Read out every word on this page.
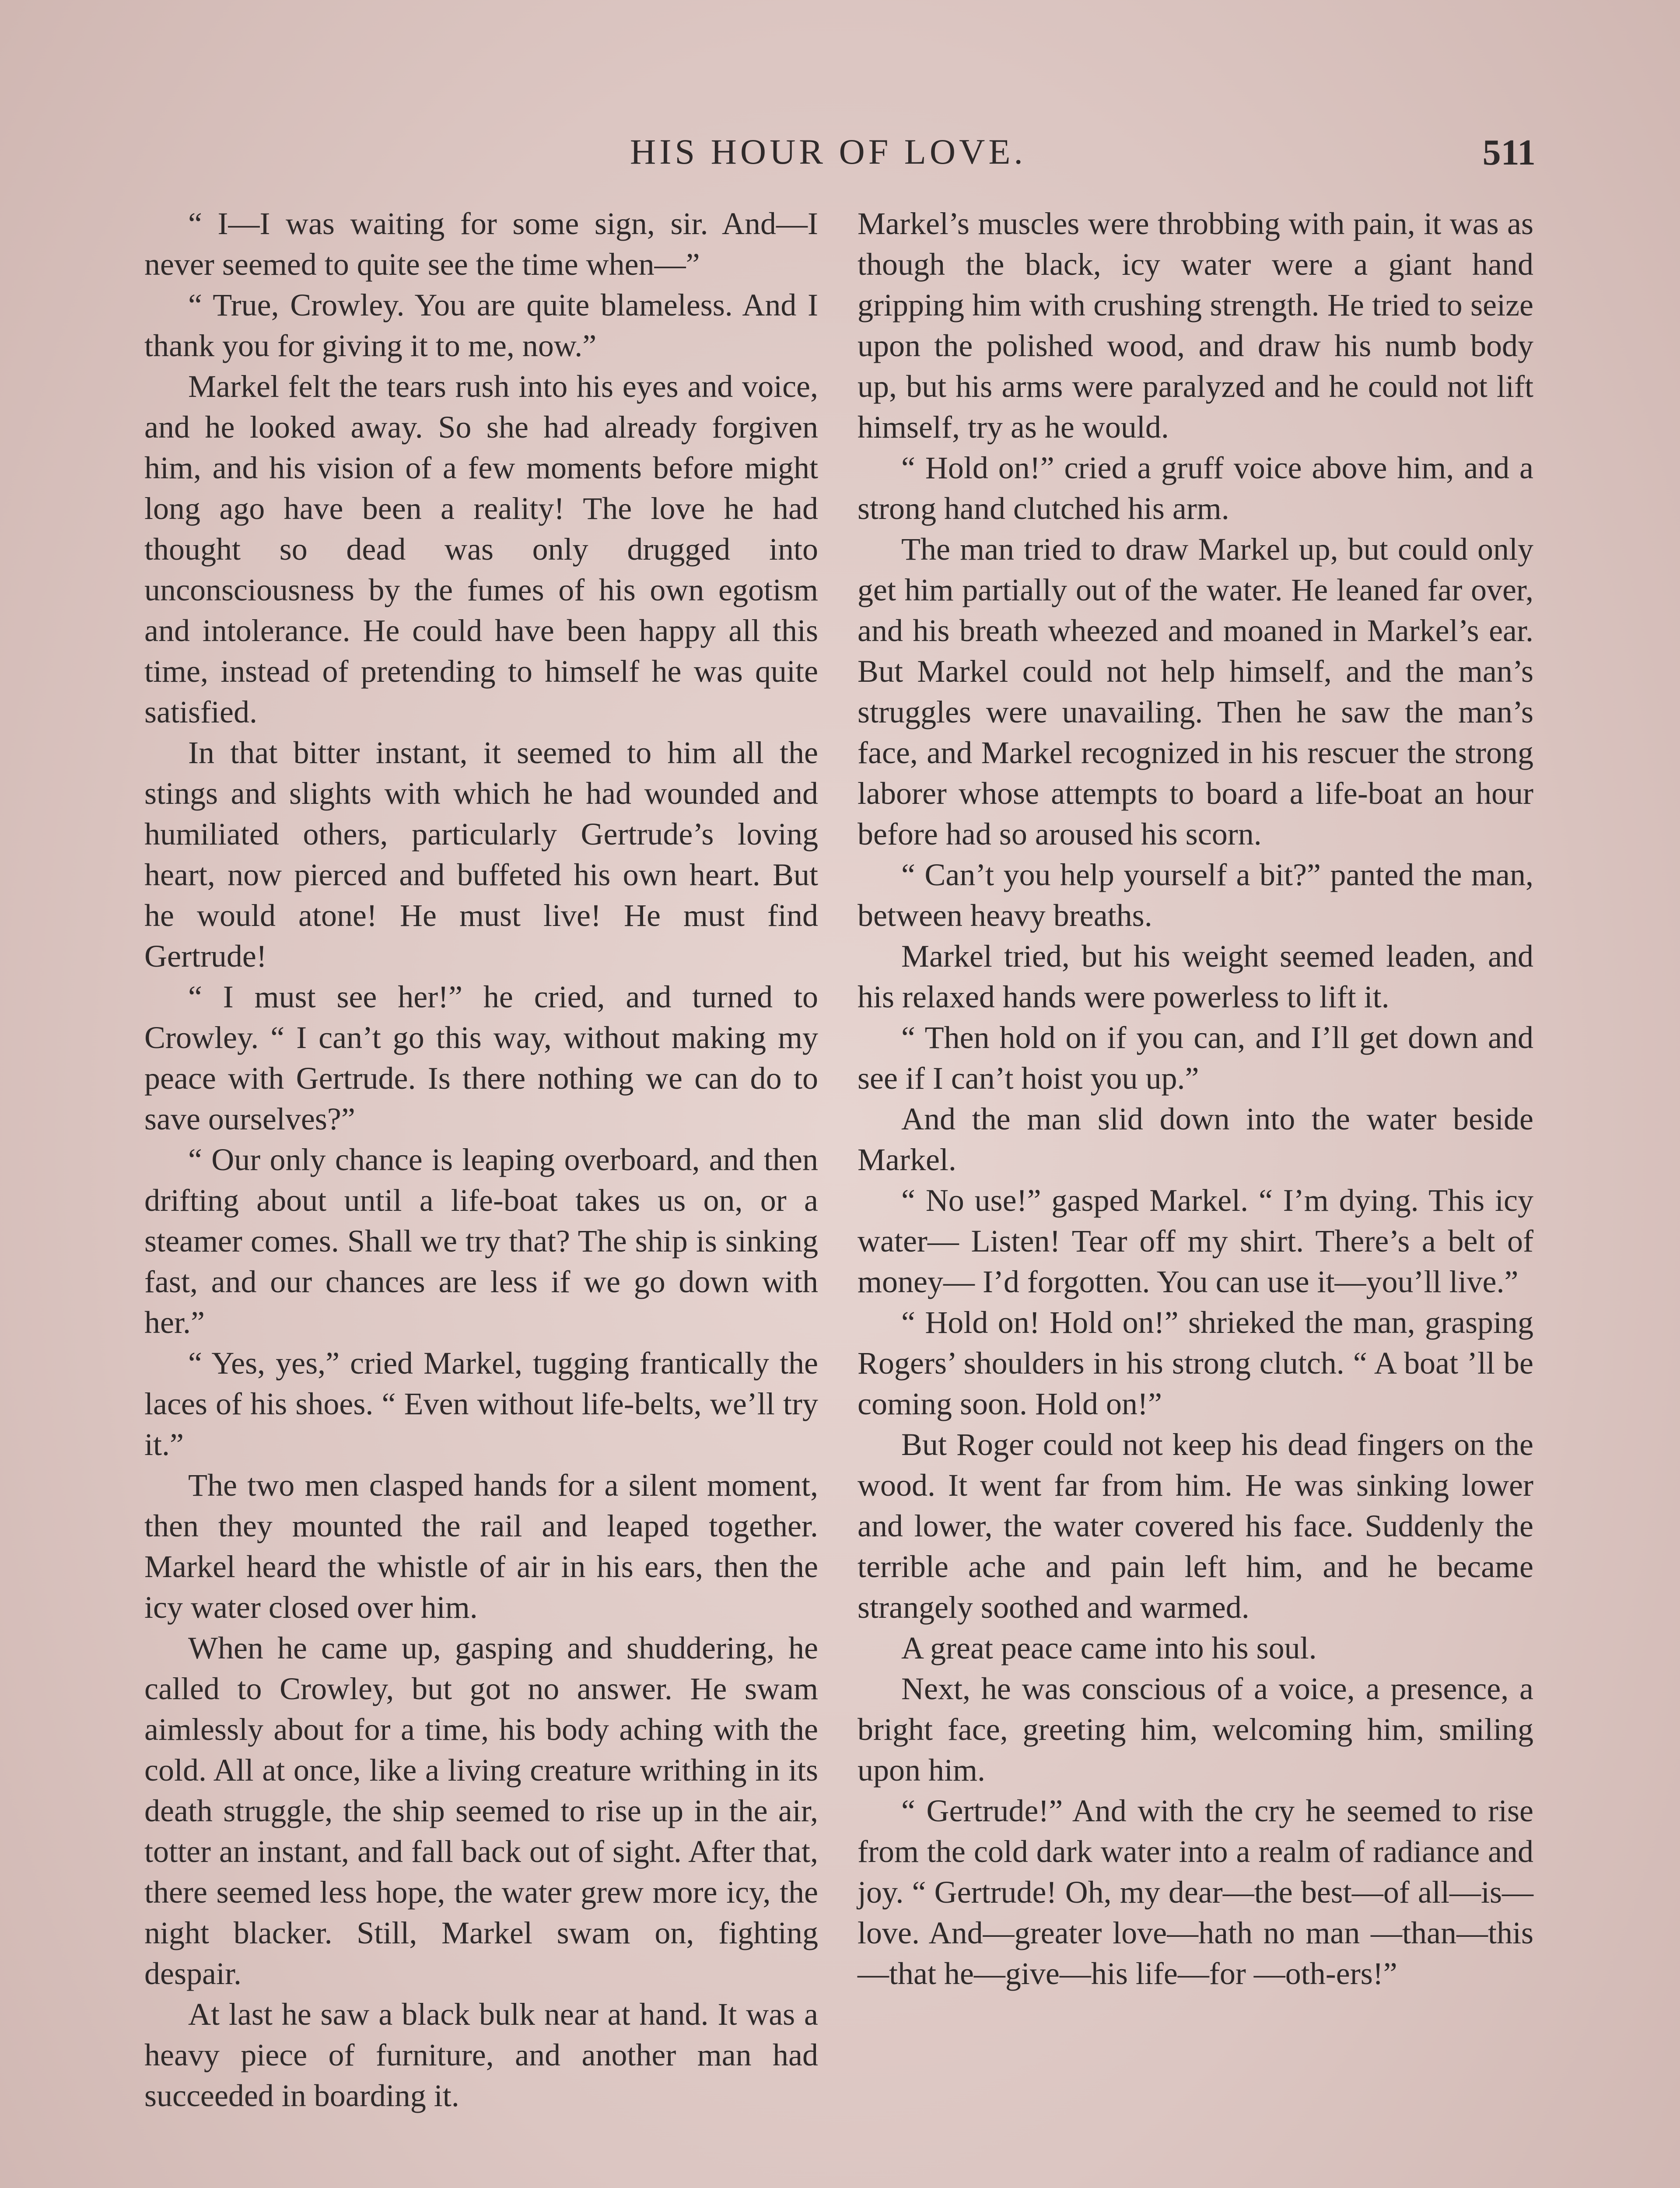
HIS HOUR OF LOVE.	511

“ I—I was waiting for some sign, sir. And—I never seemed to quite see the time when—”

“ True, Crowley. You are quite blameless. And I thank you for giving it to me, now.”

Markel felt the tears rush into his eyes and voice, and he looked away. So she had already forgiven him, and his vision of a few moments before might long ago have been a reality! The love he had thought so dead was only drugged into unconsciousness by the fumes of his own egotism and intolerance. He could have been happy all this time, instead of pretending to himself he was quite satisfied.

In that bitter instant, it seemed to him all the stings and slights with which he had wounded and humiliated others, particularly Gertrude’s loving heart, now pierced and buffeted his own heart. But he would atone! He must live! He must find Gertrude!

“ I must see her!” he cried, and turned to Crowley. “ I can’t go this way, without making my peace with Gertrude. Is there nothing we can do to save ourselves?”

“ Our only chance is leaping overboard, and then drifting about until a life-boat takes us on, or a steamer comes. Shall we try that? The ship is sinking fast, and our chances are less if we go down with her.”

“ Yes, yes,” cried Markel, tugging frantically the laces of his shoes. “ Even without life-belts, we’ll try it.”

The two men clasped hands for a silent moment, then they mounted the rail and leaped together. Markel heard the whistle of air in his ears, then the icy water closed over him.

When he came up, gasping and shuddering, he called to Crowley, but got no answer. He swam aimlessly about for a time, his body aching with the cold. All at once, like a living creature writhing in its death struggle, the ship seemed to rise up in the air, totter an instant, and fall back out of sight. After that, there seemed less hope, the water grew more icy, the night blacker. Still, Markel swam on, fighting despair.

At last he saw a black bulk near at hand. It was a heavy piece of furniture, and another man had succeeded in boarding it.

Markel’s muscles were throbbing with pain, it was as though the black, icy water were a giant hand gripping him with crushing strength. He tried to seize upon the polished wood, and draw his numb body up, but his arms were paralyzed and he could not lift himself, try as he would.

“ Hold on!” cried a gruff voice above him, and a strong hand clutched his arm.

The man tried to draw Markel up, but could only get him partially out of the water. He leaned far over, and his breath wheezed and moaned in Markel’s ear. But Markel could not help himself, and the man’s struggles were unavailing. Then he saw the man’s face, and Markel recognized in his rescuer the strong laborer whose attempts to board a life-boat an hour before had so aroused his scorn.

“ Can’t you help yourself a bit?” panted the man, between heavy breaths.

Markel tried, but his weight seemed leaden, and his relaxed hands were powerless to lift it.

“ Then hold on if you can, and I’ll get down and see if I can’t hoist you up.”

And the man slid down into the water beside Markel.

“ No use!” gasped Markel. “ I’m dying. This icy water— Listen! Tear off my shirt. There’s a belt of money— I’d forgotten. You can use it—you’ll live.”

“ Hold on! Hold on!” shrieked the man, grasping Rogers’ shoulders in his strong clutch. “ A boat ’ll be coming soon. Hold on!”

But Roger could not keep his dead fingers on the wood. It went far from him. He was sinking lower and lower, the water covered his face. Suddenly the terrible ache and pain left him, and he became strangely soothed and warmed.

A great peace came into his soul.

Next, he was conscious of a voice, a presence, a bright face, greeting him, welcoming him, smiling upon him.

“ Gertrude!” And with the cry he seemed to rise from the cold dark water into a realm of radiance and joy. “ Gertrude! Oh, my dear—the best—of all—is—love. And—greater love—hath no man —than—this—that he—give—his life—for —oth-ers!”
